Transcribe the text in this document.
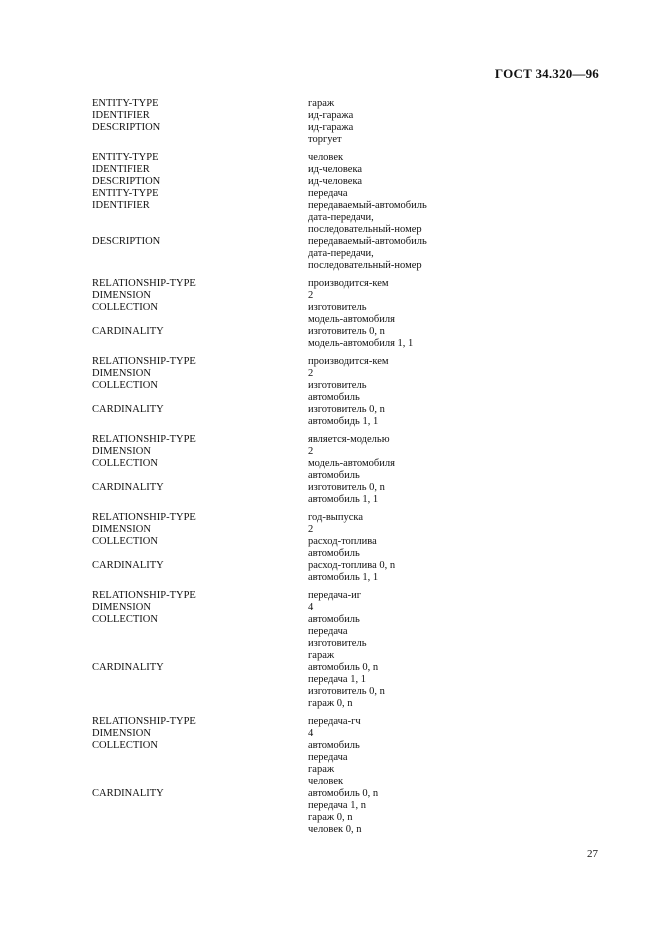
ГОСТ 34.320—96
ENTITY-TYPE	гараж
IDENTIFIER	ид-гаража
DESCRIPTION	ид-гаража
торгует
ENTITY-TYPE	человек
IDENTIFIER	ид-человека
DESCRIPTION	ид-человека
ENTITY-TYPE	передача
IDENTIFIER	передаваемый-автомобиль
дата-передачи,
последовательный-номер
DESCRIPTION	передаваемый-автомобиль
дата-передачи,
последовательный-номер
RELATIONSHIP-TYPE	производится-кем
DIMENSION	2
COLLECTION	изготовитель
модель-автомобиля
CARDINALITY	изготовитель 0, n
модель-автомобиля 1, 1
RELATIONSHIP-TYPE	производится-кем
DIMENSION	2
COLLECTION	изготовитель
автомобиль
CARDINALITY	изготовитель 0, n
автомобидь 1, 1
RELATIONSHIP-TYPE	является-моделью
DIMENSION	2
COLLECTION	модель-автомобиля
автомобиль
CARDINALITY	изготовитель 0, n
автомобиль 1, 1
RELATIONSHIP-TYPE	год-выпуска
DIMENSION	2
COLLECTION	расход-топлива
автомобиль
CARDINALITY	расход-топлива 0, n
автомобиль 1, 1
RELATIONSHIP-TYPE	передача-иг
DIMENSION	4
COLLECTION	автомобиль
передача
изготовитель
гараж
CARDINALITY	автомобиль 0, n
передача 1, 1
изготовитель 0, n
гараж 0, n
RELATIONSHIP-TYPE	передача-гч
DIMENSION	4
COLLECTION	автомобиль
передача
гараж
человек
CARDINALITY	автомобиль 0, n
передача 1, n
гараж 0, n
человек 0, n
27
